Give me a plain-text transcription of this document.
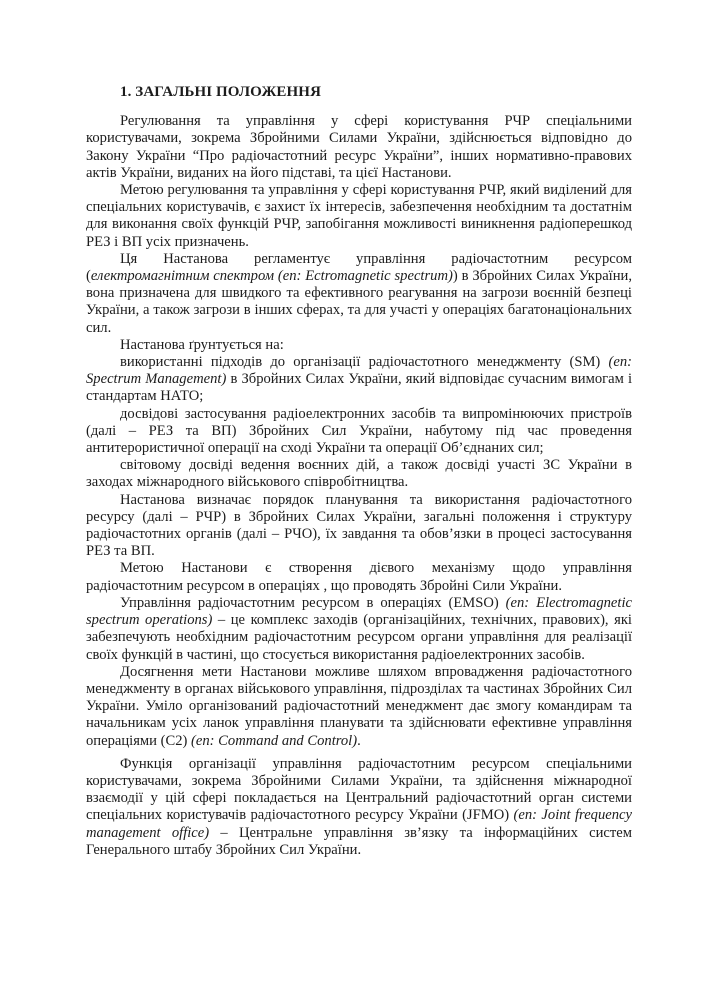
1. ЗАГАЛЬНІ ПОЛОЖЕННЯ

Регулювання та управління у сфері користування РЧР спеціальними користувачами, зокрема Збройними Силами України, здійснюється відповідно до Закону України “Про радіочастотний ресурс України”, інших нормативно-правових актів України, виданих на його підставі, та цієї Настанови.

Метою регулювання та управління у сфері користування РЧР, який виділений для спеціальних користувачів, є захист їх інтересів, забезпечення необхідним та достатнім для виконання своїх функцій РЧР, запобігання можливості виникнення радіоперешкод РЕЗ і ВП усіх призначень.

Ця Настанова регламентує управління радіочастотним ресурсом (електромагнітним спектром (en: Ectromagnetic spectrum)) в Збройних Силах України, вона призначена для швидкого та ефективного реагування на загрози воєнній безпеці України, а також загрози в інших сферах, та для участі у операціях багатонаціональних сил.

Настанова ґрунтується на:

використанні підходів до організації радіочастотного менеджменту (SM) (en: Spectrum Management) в Збройних Силах України, який відповідає сучасним вимогам і стандартам НАТО;

досвідові застосування радіоелектронних засобів та випромінюючих пристроїв (далі – РЕЗ та ВП) Збройних Сил України, набутому під час проведення антитерористичної операції на сході України та операції Об’єднаних сил;

світовому досвіді ведення воєнних дій, а також досвіді участі ЗС України в заходах міжнародного військового співробітництва.

Настанова визначає порядок планування та використання радіочастотного ресурсу (далі – РЧР) в Збройних Силах України, загальні положення і структуру радіочастотних органів (далі – РЧО), їх завдання та обов’язки в процесі застосування РЕЗ та ВП.

Метою Настанови є створення дієвого механізму щодо управління радіочастотним ресурсом в операціях , що проводять Збройні Сили України.

Управління радіочастотним ресурсом в операціях (EMSO) (en: Electromagnetic spectrum operations) – це комплекс заходів (організаційних, технічних, правових), які забезпечують необхідним радіочастотним ресурсом органи управління для реалізації своїх функцій в частині, що стосується використання радіоелектронних засобів.

Досягнення мети Настанови можливе шляхом впровадження радіочастотного менеджменту в органах військового управління, підрозділах та частинах Збройних Сил України. Уміло організований радіочастотний менеджмент дає змогу командирам та начальникам усіх ланок управління планувати та здійснювати ефективне управління операціями (C2) (en: Command and Control).

Функція організації управління радіочастотним ресурсом спеціальними користувачами, зокрема Збройними Силами України, та здійснення міжнародної взаємодії у цій сфері покладається на Центральний радіочастотний орган системи спеціальних користувачів радіочастотного ресурсу України (JFMO) (en: Joint frequency management office) – Центральне управління зв’язку та інформаційних систем Генерального штабу Збройних Сил України.
